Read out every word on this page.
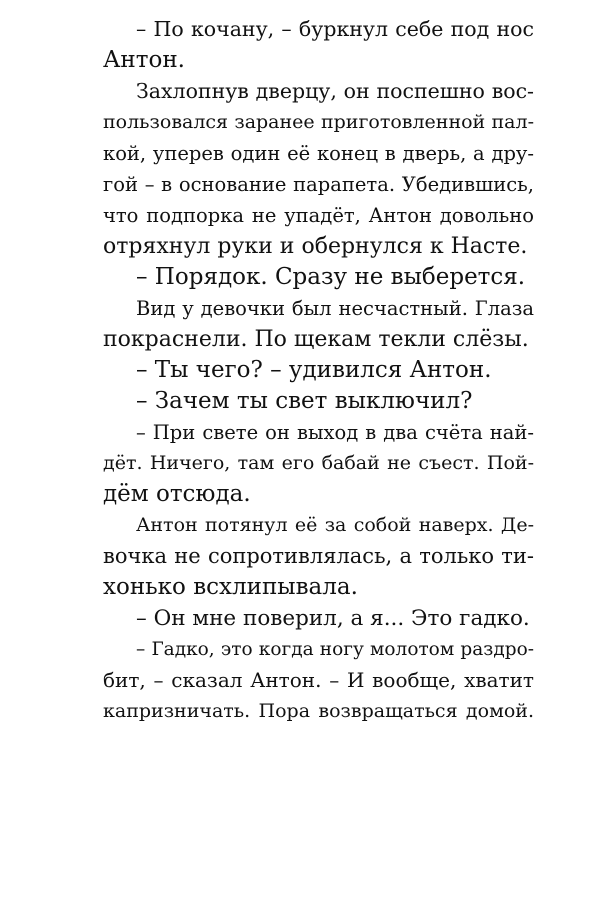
– По кочану, – буркнул себе под нос
Антон.

Захлопнув дверцу, он поспешно вос-
пользовался заранее приготовленной пал-
кой, уперев один её конец в дверь, а дру-
гой – в основание парапета. Убедившись,
что подпорка не упадёт, Антон довольно
отряхнул руки и обернулся к Насте.

– Порядок. Сразу не выберется.

Вид у девочки был несчастный. Глаза
покраснели. По щекам текли слёзы.

– Ты чего? – удивился Антон.

– Зачем ты свет выключил?

– При свете он выход в два счёта най-
дёт. Ничего, там его бабай не съест. Пой-
дём отсюда.

Антон потянул её за собой наверх. Де-
вочка не сопротивлялась, а только ти-
хонько всхлипывала.

– Он мне поверил, а я... Это гадко.

– Гадко, это когда ногу молотом раздро-
бит, – сказал Антон. – И вообще, хватит
капризничать. Пора возвращаться домой.
